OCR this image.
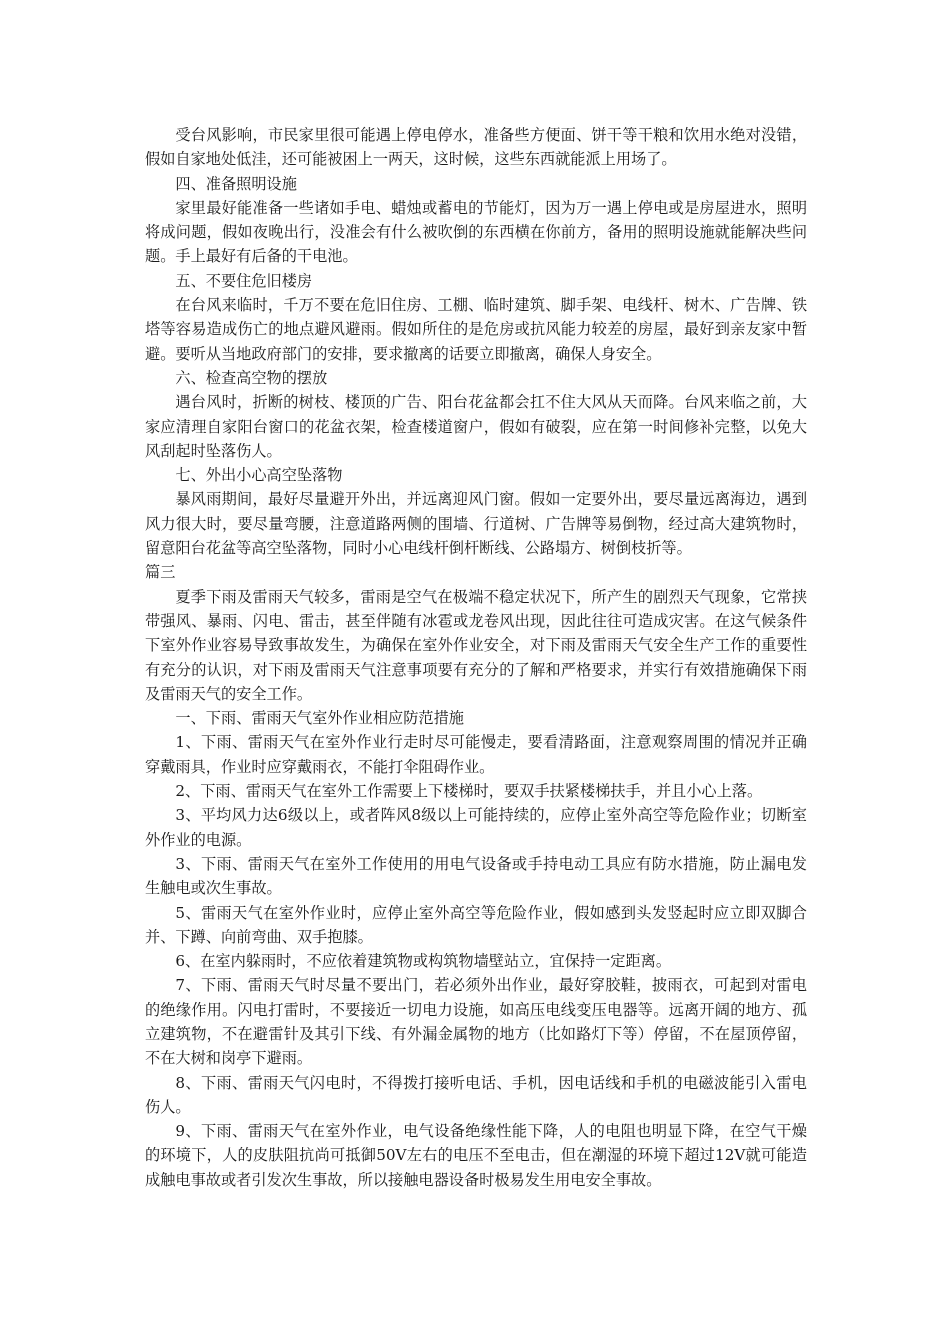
受台风影响，市民家里很可能遇上停电停水，准备些方便面、饼干等干粮和饮用水绝对没错，假如自家地处低洼，还可能被困上一两天，这时候，这些东西就能派上用场了。

四、准备照明设施

家里最好能准备一些诸如手电、蜡烛或蓄电的节能灯，因为万一遇上停电或是房屋进水，照明将成问题，假如夜晚出行，没准会有什么被吹倒的东西横在你前方，备用的照明设施就能解决些问题。手上最好有后备的干电池。

五、不要住危旧楼房

在台风来临时，千万不要在危旧住房、工棚、临时建筑、脚手架、电线杆、树木、广告牌、铁塔等容易造成伤亡的地点避风避雨。假如所住的是危房或抗风能力较差的房屋，最好到亲友家中暂避。要听从当地政府部门的安排，要求撤离的话要立即撤离，确保人身安全。

六、检查高空物的摆放

遇台风时，折断的树枝、楼顶的广告、阳台花盆都会扛不住大风从天而降。台风来临之前，大家应清理自家阳台窗口的花盆衣架，检查楼道窗户，假如有破裂，应在第一时间修补完整，以免大风刮起时坠落伤人。

七、外出小心高空坠落物

暴风雨期间，最好尽量避开外出，并远离迎风门窗。假如一定要外出，要尽量远离海边，遇到风力很大时，要尽量弯腰，注意道路两侧的围墙、行道树、广告牌等易倒物，经过高大建筑物时，留意阳台花盆等高空坠落物，同时小心电线杆倒杆断线、公路塌方、树倒枝折等。

篇三

夏季下雨及雷雨天气较多，雷雨是空气在极端不稳定状况下，所产生的剧烈天气现象，它常挟带强风、暴雨、闪电、雷击，甚至伴随有冰雹或龙卷风出现，因此往往可造成灾害。在这气候条件下室外作业容易导致事故发生，为确保在室外作业安全，对下雨及雷雨天气安全生产工作的重要性有充分的认识，对下雨及雷雨天气注意事项要有充分的了解和严格要求，并实行有效措施确保下雨及雷雨天气的安全工作。

一、下雨、雷雨天气室外作业相应防范措施

1、下雨、雷雨天气在室外作业行走时尽可能慢走，要看清路面，注意观察周围的情况并正确穿戴雨具，作业时应穿戴雨衣，不能打伞阻碍作业。

2、下雨、雷雨天气在室外工作需要上下楼梯时，要双手扶紧楼梯扶手，并且小心上落。

3、平均风力达6级以上，或者阵风8级以上可能持续的，应停止室外高空等危险作业；切断室外作业的电源。

3、下雨、雷雨天气在室外工作使用的用电气设备或手持电动工具应有防水措施，防止漏电发生触电或次生事故。

5、雷雨天气在室外作业时，应停止室外高空等危险作业，假如感到头发竖起时应立即双脚合并、下蹲、向前弯曲、双手抱膝。

6、在室内躲雨时，不应依着建筑物或构筑物墙壁站立，宜保持一定距离。

7、下雨、雷雨天气时尽量不要出门，若必须外出作业，最好穿胶鞋，披雨衣，可起到对雷电的绝缘作用。闪电打雷时，不要接近一切电力设施，如高压电线变压电器等。远离开阔的地方、孤立建筑物，不在避雷针及其引下线、有外漏金属物的地方（比如路灯下等）停留，不在屋顶停留，不在大树和岗亭下避雨。

8、下雨、雷雨天气闪电时，不得拨打接听电话、手机，因电话线和手机的电磁波能引入雷电伤人。

9、下雨、雷雨天气在室外作业，电气设备绝缘性能下降，人的电阻也明显下降，在空气干燥的环境下，人的皮肤阻抗尚可抵御50V左右的电压不至电击，但在潮湿的环境下超过12V就可能造成触电事故或者引发次生事故，所以接触电器设备时极易发生用电安全事故。
